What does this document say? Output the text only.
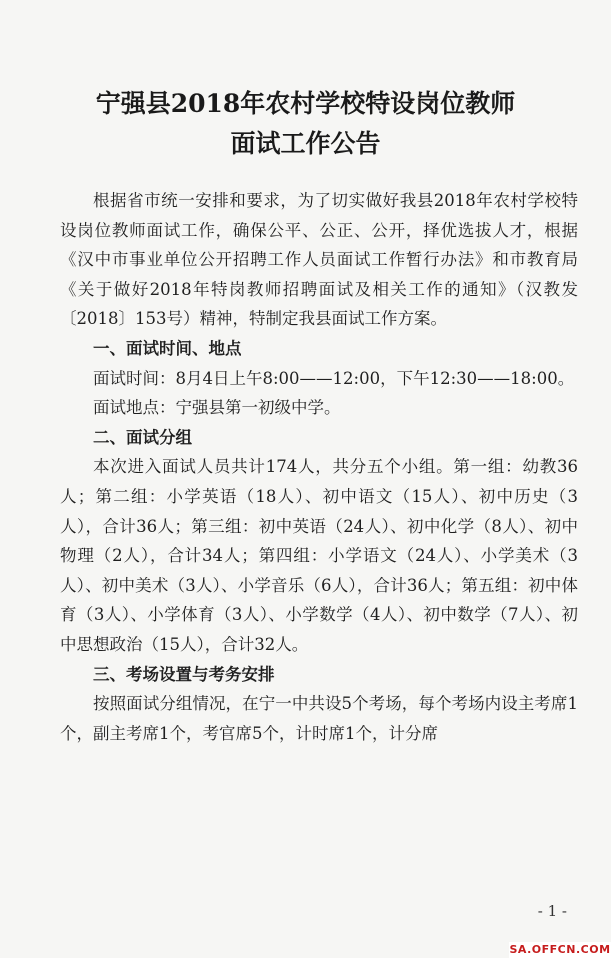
宁强县2018年农村学校特设岗位教师
面试工作公告

根据省市统一安排和要求，为了切实做好我县2018年农村学校特设岗位教师面试工作，确保公平、公正、公开，择优选拔人才，根据《汉中市事业单位公开招聘工作人员面试工作暂行办法》和市教育局《关于做好2018年特岗教师招聘面试及相关工作的通知》（汉教发〔2018〕153号）精神，特制定我县面试工作方案。

一、面试时间、地点

面试时间：8月4日上午8:00——12:00，下午12:30——18:00。

面试地点：宁强县第一初级中学。

二、面试分组

本次进入面试人员共计174人，共分五个小组。第一组：幼教36人；第二组：小学英语（18人）、初中语文（15人）、初中历史（3人），合计36人；第三组：初中英语（24人）、初中化学（8人）、初中物理（2人），合计34人；第四组：小学语文（24人）、小学美术（3人）、初中美术（3人）、小学音乐（6人），合计36人；第五组：初中体育（3人）、小学体育（3人）、小学数学（4人）、初中数学（7人）、初中思想政治（15人），合计32人。

三、考场设置与考务安排

按照面试分组情况，在宁一中共设5个考场，每个考场内设主考席1个，副主考席1个，考官席5个，计时席1个，计分席

- 1 -
SA.OFFCN.COM
